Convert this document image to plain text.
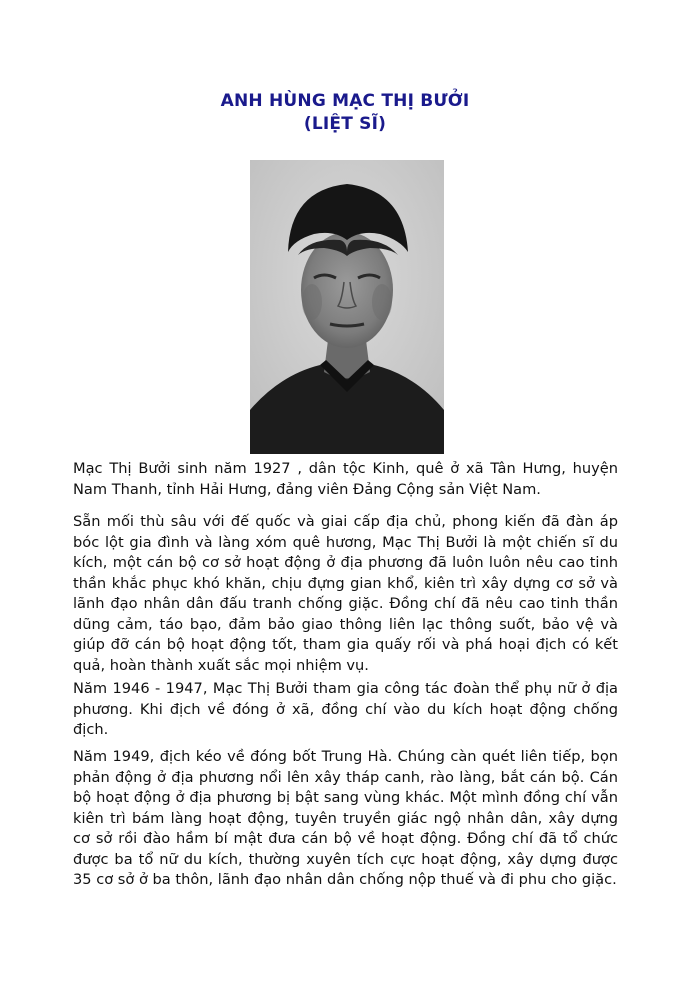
ANH HÙNG MẠC THỊ BƯỞI
(LIỆT SĨ)

Mạc Thị Bưởi sinh năm 1927 , dân tộc Kinh, quê ở xã Tân Hưng, huyện Nam Thanh, tỉnh Hải Hưng, đảng viên Đảng Cộng sản Việt Nam.

Sẵn mối thù sâu với đế quốc và giai cấp địa chủ, phong kiến đã đàn áp bóc lột gia đình và làng xóm quê hương, Mạc Thị Bưởi là một chiến sĩ du kích, một cán bộ cơ sở hoạt động ở địa phương đã luôn luôn nêu cao tinh thần khắc phục khó khăn, chịu đựng gian khổ, kiên trì xây dựng cơ sở và lãnh đạo nhân dân đấu tranh chống giặc. Đồng chí đã nêu cao tinh thần dũng cảm, táo bạo, đảm bảo giao thông liên lạc thông suốt, bảo vệ và giúp đỡ cán bộ hoạt động tốt, tham gia quấy rối và phá hoại địch có kết quả, hoàn thành xuất sắc mọi nhiệm vụ.

Năm 1946 - 1947, Mạc Thị Bưởi tham gia công tác đoàn thể phụ nữ ở địa phương. Khi địch về đóng ở xã, đồng chí vào du kích hoạt động chống địch.

Năm 1949, địch kéo về đóng bốt Trung Hà. Chúng càn quét liên tiếp, bọn phản động ở địa phương nổi lên xây tháp canh, rào làng, bắt cán bộ. Cán bộ hoạt động ở địa phương bị bật sang vùng khác. Một mình đồng chí vẫn kiên trì bám làng hoạt động, tuyên truyền giác ngộ nhân dân, xây dựng cơ sở rồi đào hầm bí mật đưa cán bộ về hoạt động. Đồng chí đã tổ chức được ba tổ nữ du kích, thường xuyên tích cực hoạt động, xây dựng được 35 cơ sở ở ba thôn, lãnh đạo nhân dân chống nộp thuế và đi phu cho giặc.
